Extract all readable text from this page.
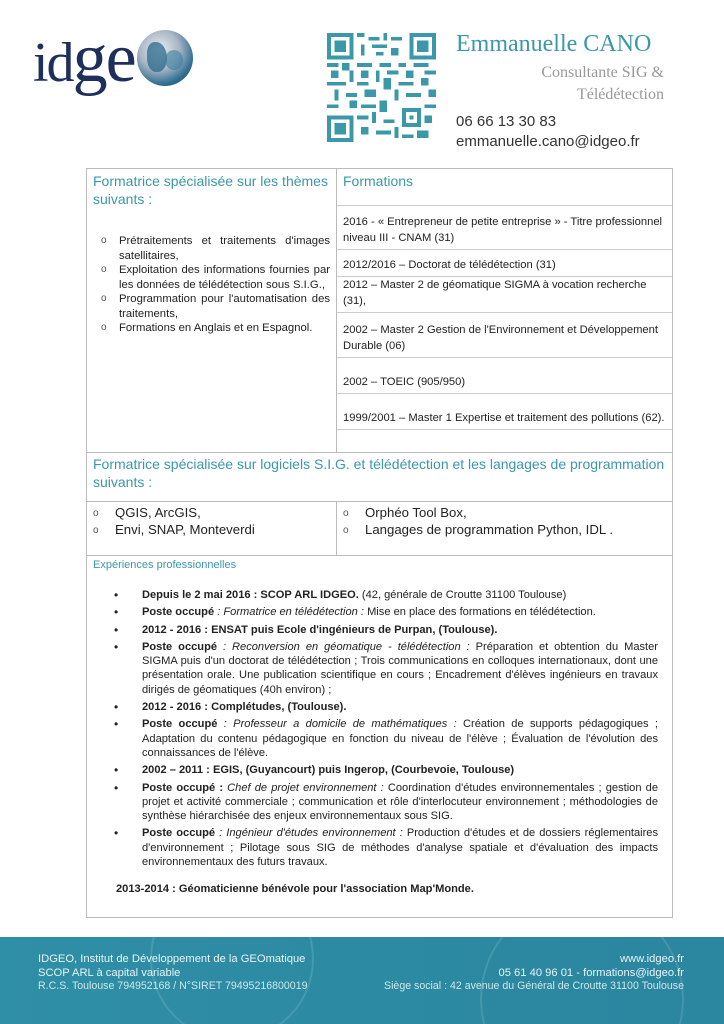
idge	Emmanuelle CANO
Consultante SIG &
Télédétection
06 66 13 30 83
emmanuelle.cano@idgeo.fr
Formatrice spécialisée sur les thèmes suivants :
o Prétraitements et traitements d'images satellitaires,
o Exploitation des informations fournies par les données de télédétection sous S.I.G.,
o Programmation pour l'automatisation des traitements,
o Formations en Anglais et en Espagnol.
Formations
2016 - « Entrepreneur de petite entreprise » - Titre professionnel niveau III - CNAM (31)
2012/2016 – Doctorat de télédétection (31)
2012 – Master 2 de géomatique SIGMA à vocation recherche (31),
2002 – Master 2 Gestion de l'Environnement et Développement Durable (06)
2002 – TOEIC (905/950)
1999/2001 – Master 1 Expertise et traitement des pollutions (62).
Formatrice spécialisée sur logiciels S.I.G. et télédétection et les langages de programmation suivants :
o QGIS, ArcGIS,
o Envi, SNAP, Monteverdi
o Orphéo Tool Box,
o Langages de programmation Python, IDL .
Expériences professionnelles
• Depuis le 2 mai 2016 : SCOP ARL IDGEO. (42, générale de Croutte 31100 Toulouse)
• Poste occupé : Formatrice en télédétection : Mise en place des formations en télédétection.
• 2012 - 2016 : ENSAT puis Ecole d'ingénieurs de Purpan, (Toulouse).
• Poste occupé : Reconversion en géomatique - télédétection : Préparation et obtention du Master SIGMA puis d'un doctorat de télédétection ; Trois communications en colloques internationaux, dont une présentation orale. Une publication scientifique en cours ; Encadrement d'élèves ingénieurs en travaux dirigés de géomatiques (40h environ) ;
• 2012 - 2016 : Complétudes, (Toulouse).
• Poste occupé : Professeur a domicile de mathématiques : Création de supports pédagogiques ; Adaptation du contenu pédagogique en fonction du niveau de l'élève ; Évaluation de l'évolution des connaissances de l'élève.
• 2002 – 2011 : EGIS, (Guyancourt) puis Ingerop, (Courbevoie, Toulouse)
• Poste occupé : Chef de projet environnement : Coordination d'études environnementales ; gestion de projet et activité commerciale ; communication et rôle d'interlocuteur environnement ; méthodologies de synthèse hiérarchisée des enjeux environnementaux sous SIG.
• Poste occupé : Ingénieur d'études environnement : Production d'études et de dossiers réglementaires d'environnement ; Pilotage sous SIG de méthodes d'analyse spatiale et d'évaluation des impacts environnementaux des futurs travaux.
2013-2014 : Géomaticienne bénévole pour l'association Map'Monde.
IDGEO, Institut de Développement de la GEOmatique
SCOP ARL à capital variable
R.C.S. Toulouse 794952168 / N°SIRET 79495216800019
www.idgeo.fr
05 61 40 96 01 - formations@idgeo.fr
Siège social : 42 avenue du Général de Croutte 31100 Toulouse
